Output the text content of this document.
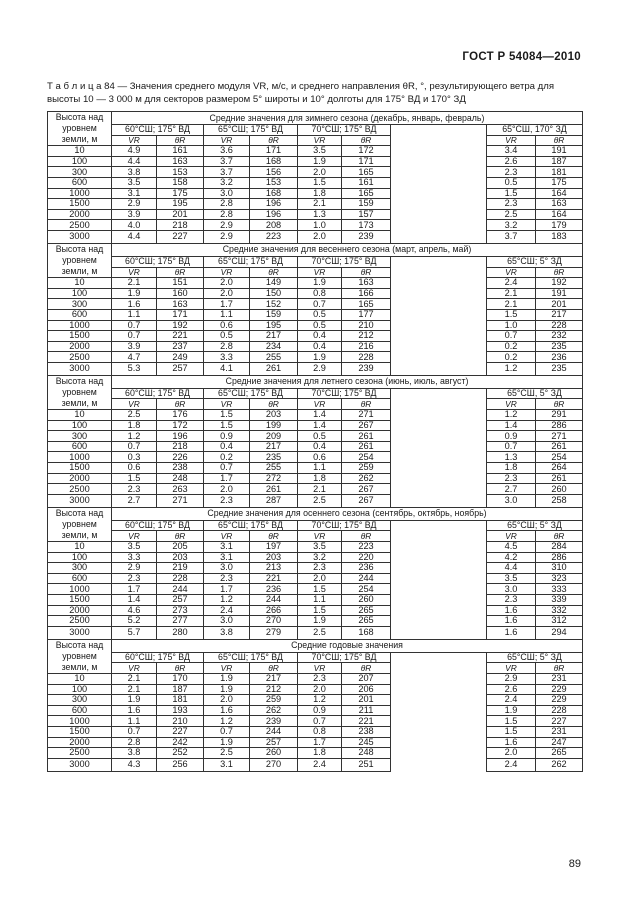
ГОСТ Р 54084—2010
Т а б л и ц а 84 — Значения среднего модуля VR, м/с, и среднего направления θR, °, результирующего ветра для высоты 10 — 3 000 м для секторов размером 5° широты и 10° долготы для 175° ВД и 170° ЗД
Высота над уровнем земли, м	Средние значения для зимнего сезона (декабрь, январь, февраль)								
	60°СШ; 175° ВД		65°СШ; 175° ВД		70°СШ; 175° ВД			65°СШ, 170° ЗД	
	VR	θR	VR	θR	VR	θR		VR	θR
10	4.9	161	3.6	171	3.5	172		3.4	191
100	4.4	163	3.7	168	1.9	171		2.6	187
300	3.8	153	3.7	156	2.0	165		2.3	181
600	3.5	158	3.2	153	1.5	161		0.5	175
1000	3.1	175	3.0	168	1.8	165		1.5	164
1500	2.9	195	2.8	196	2.1	159		2.3	163
2000	3.9	201	2.8	196	1.3	157		2.5	164
2500	4.0	218	2.9	208	1.0	173		3.2	179
3000	4.4	227	2.9	223	2.0	239		3.7	183
Высота над уровнем земли, м	Средние значения для весеннего сезона (март, апрель, май)								
	60°СШ; 175° ВД		65°СШ; 175° ВД		70°СШ; 175° ВД			65°СШ; 5° ЗД	
	VR	θR	VR	θR	VR	θR		VR	θR
10	2.1	151	2.0	149	1.9	163		2.4	192
100	1.9	160	2.0	150	0.8	166		2.1	191
300	1.6	163	1.7	152	0.7	165		2.1	201
600	1.1	171	1.1	159	0.5	177		1.5	217
1000	0.7	192	0.6	195	0.5	210		1.0	228
1500	0.7	221	0.5	217	0.4	212		0.7	232
2000	3.9	237	2.8	234	0.4	216		0.2	235
2500	4.7	249	3.3	255	1.9	228		0.2	236
3000	5.3	257	4.1	261	2.9	239		1.2	235
Высота над уровнем земли, м	Средние значения для летнего сезона (июнь, июль, август)								
	60°СШ; 175° ВД		65°СШ; 175° ВД		70°СШ; 175° ВД			65°СШ, 5° ЗД	
	VR	θR	VR	θR	VR	θR		VR	θR
10	2.5	176	1.5	203	1.4	271		1.2	291
100	1.8	172	1.5	199	1.4	267		1.4	286
300	1.2	196	0.9	209	0.5	261		0.9	271
600	0.7	218	0.4	217	0.4	261		0.7	261
1000	0.3	226	0.2	235	0.6	254		1.3	254
1500	0.6	238	0.7	255	1.1	259		1.8	264
2000	1.5	248	1.7	272	1.8	262		2.3	261
2500	2.3	263	2.0	261	2.1	267		2.7	260
3000	2.7	271	2.3	287	2.5	267		3.0	258
Высота над уровнем земли, м	Средние значения для осеннего сезона (сентябрь, октябрь, ноябрь)								
	60°СШ; 175° ВД		65°СШ; 175° ВД		70°СШ; 175° ВД			65°СШ; 5° ЗД	
	VR	θR	VR	θR	VR	θR		VR	θR
10	3.5	205	3.1	197	3.5	223		4.5	284
100	3.3	203	3.1	203	3.2	220		4.2	286
300	2.9	219	3.0	213	2.3	236		4.4	310
600	2.3	228	2.3	221	2.0	244		3.5	323
1000	1.7	244	1.7	236	1.5	254		3.0	333
1500	1.4	257	1.2	244	1.1	260		2.3	339
2000	4.6	273	2.4	266	1.5	265		1.6	332
2500	5.2	277	3.0	270	1.9	265		1.6	312
3000	5.7	280	3.8	279	2.5	168		1.6	294
Высота над уровнем земли, м	Средние годовые значения								
	60°СШ; 175° ВД		65°СШ; 175° ВД		70°СШ; 175° ВД			65°СШ; 5° ЗД	
	VR	θR	VR	θR	VR	θR		VR	θR
10	2.1	170	1.9	217	2.3	207		2.9	231
100	2.1	187	1.9	212	2.0	206		2.6	229
300	1.9	181	2.0	259	1.2	201		2.4	229
600	1.6	193	1.6	262	0.9	211		1.9	228
1000	1.1	210	1.2	239	0.7	221		1.5	227
1500	0.7	227	0.7	244	0.8	238		1.5	231
2000	2.8	242	1.9	257	1.7	245		1.6	247
2500	3.8	252	2.5	260	1.8	248		2.0	265
3000	4.3	256	3.1	270	2.4	251		2.4	262
89
